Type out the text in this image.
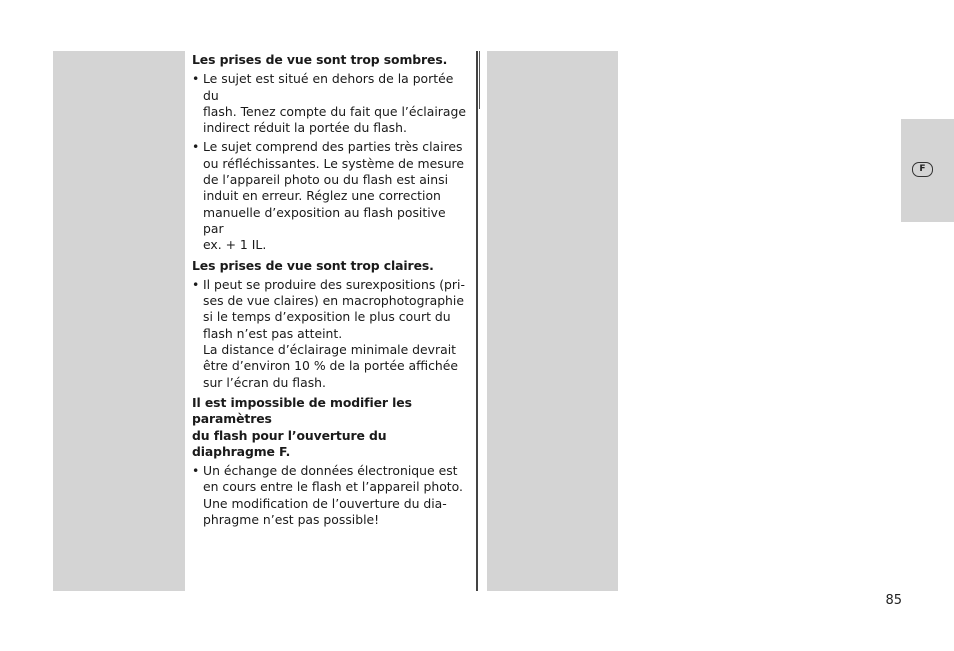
F
Les prises de vue sont trop sombres.
• Le sujet est situé en dehors de la portée du
flash. Tenez compte du fait que l’éclairage
indirect réduit la portée du flash.
• Le sujet comprend des parties très claires
ou réfléchissantes. Le système de mesure
de l’appareil photo ou du flash est ainsi
induit en erreur. Réglez une correction
manuelle d’exposition au flash positive par
ex. + 1 IL.
Les prises de vue sont trop claires.
• Il peut se produire des surexpositions (pri-
ses de vue claires) en macrophotographie
si le temps d’exposition le plus court du
flash n’est pas atteint.
La distance d’éclairage minimale devrait
être d’environ 10 % de la portée affichée
sur l’écran du flash.
Il est impossible de modifier les paramètres
du flash pour l’ouverture du diaphragme F.
• Un échange de données électronique est
en cours entre le flash et l’appareil photo.
Une modification de l’ouverture du dia-
phragme n’est pas possible!
85
